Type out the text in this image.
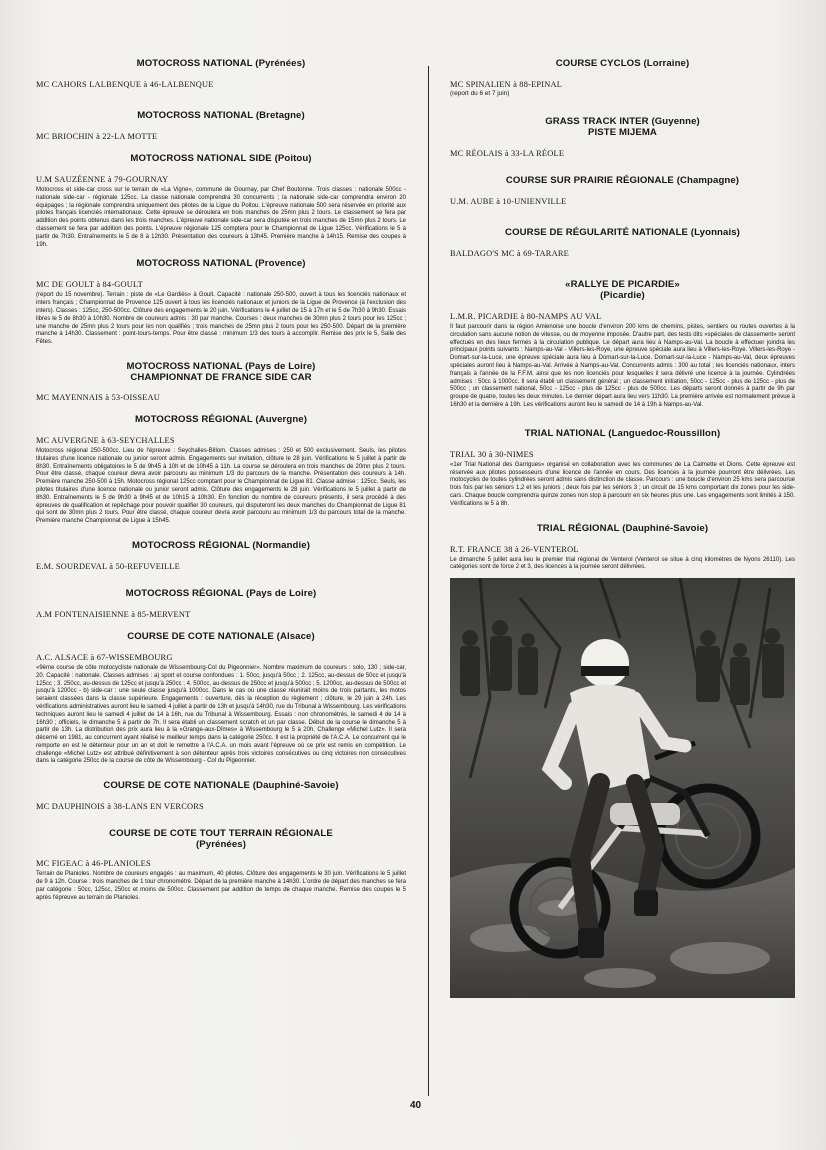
MOTOCROSS NATIONAL (Pyrénées)
MC CAHORS LALBENQUE à 46-LALBENQUE
MOTOCROSS NATIONAL (Bretagne)
MC BRIOCHIN à 22-LA MOTTE
MOTOCROSS NATIONAL SIDE (Poitou)
U.M SAUZÉENNE à 79-GOURNAY

Motocross et side-car cross sur le terrain de «La Vigne», commune de Gournay, par Chef Boutonne. Trois classes : nationale 500cc - nationale side-car - régionale 125cc. La classe nationale comprendra 30 concurrents ; la nationale side-car comprendra environ 20 équipages ; la régionale comprendra uniquement des pilotes de la Ligue du Poitou. L'épreuve nationale 500 sera réservée en priorité aux pilotes français licenciés internationaux. Cette épreuve se déroulera en trois manches de 25mn plus 2 tours. Le classement se fera par addition des points obtenus dans les trois manches. L'épreuve nationale side-car sera disputée en trois manches de 15mn plus 2 tours. Le classement se fera par addition des points. L'épreuve régionale 125 comptera pour le Championnat de Ligue 125cc. Vérifications le 5 à partir de 7h30. Entraînements le 5 de 8 à 12h30. Présentation des coureurs à 13h45. Première manche à 14h15. Remise des coupes à 19h.

MOTOCROSS NATIONAL (Provence)
MC DE GOULT à 84-GOULT

(report du 15 novembre). Terrain : piste de «Le Gardiès» à Goult. Capacité : nationale 250-500, ouvert à tous les licenciés nationaux et inters français ; Championnat de Provence 125 ouvert à tous les licenciés nationaux et juniors de la Ligue de Provence (à l'exclusion des inters). Classes : 125cc, 250-500cc. Clôture des engagements le 20 juin. Vérifications le 4 juillet de 15 à 17h et le 5 de 7h30 à 9h30. Essais libres le 5 de 8h30 à 10h30. Nombre de coureurs admis : 30 par manche. Courses : deux manches de 30mn plus 2 tours pour les 125cc ; une manche de 25mn plus 2 tours pour les non qualifiés ; trois manches de 25mn plus 2 tours pour les 250-500. Départ de la première manche à 14h30. Classement : point-tours-temps. Pour être classé : minimum 1/3 des tours à accomplir. Remise des prix le 5, Salle des Fêtes.

MOTOCROSS NATIONAL (Pays de Loire)
CHAMPIONNAT DE FRANCE SIDE CAR
MC MAYENNAIS à 53-OISSEAU
MOTOCROSS RÉGIONAL (Auvergne)
MC AUVERGNE à 63-SEYCHALLES

Motocross régional 250-500cc. Lieu de l'épreuve : Seychalles-Billom. Classes admises : 250 et 500 exclusivement. Seuls, les pilotes titulaires d'une licence nationale ou junior seront admis. Engagements sur invitation, clôture le 28 juin. Vérifications le 5 juillet à partir de 8h30. Entraînements obligatoires le 5 de 9h45 à 10h et de 10h45 à 11h. La course se déroulera en trois manches de 20mn plus 2 tours. Pour être classé, chaque coureur devra avoir parcouru au minimum 1/3 du parcours de la manche. Présentation des coureurs à 14h. Première manche 250-500 à 15h. Motocross régional 125cc comptant pour le Championnat de Ligue 81. Classe admise : 125cc. Seuls, les pilotes titulaires d'une licence nationale ou junior seront admis. Clôture des engagements le 28 juin. Vérifications le 5 juillet à partir de 8h30. Entraînements le 5 de 9h30 à 9h45 et de 10h15 à 10h30. En fonction du nombre de coureurs présents, il sera procédé à des épreuves de qualification et repêchage pour pouvoir qualifier 30 coureurs, qui disputeront les deux manches du Championnat de Ligue 81 qui sont de 30mn plus 2 tours. Pour être classé, chaque coureur devra avoir parcouru au minimum 1/3 du parcours total de la manche. Première manche Championnat de Ligue à 15h45.

MOTOCROSS RÉGIONAL (Normandie)
E.M. SOURDEVAL à 50-REFUVEILLE
MOTOCROSS RÉGIONAL (Pays de Loire)
A.M FONTENAISIENNE à 85-MERVENT
COURSE DE COTE NATIONALE (Alsace)
A.C. ALSACE à 67-WISSEMBOURG

«9ème course de côte motocycliste nationale de Wissembourg-Col du Pigeonnier». Nombre maximum de coureurs : solo, 130 ; side-car, 20. Capacité : nationale. Classes admises : a) sport et course confondues : 1. 50cc, jusqu'à 50cc ; 2. 125cc, au-dessus de 50cc et jusqu'à 125cc ; 3. 250cc, au-dessus de 125cc et jusqu'à 250cc ; 4. 500cc, au-dessus de 250cc et jusqu'à 500cc ; 5. 1200cc, au-dessus de 500cc et jusqu'à 1200cc - b) side-car : une seule classe jusqu'à 1000cc. Dans le cas où une classe réunirait moins de trois partants, les motos seraient classées dans la classe supérieure. Engagements : ouverture, dès la réception du règlement ; clôture, le 29 juin à 24h. Les vérifications administratives auront lieu le samedi 4 juillet à partir de 13h et jusqu'à 14h30, rue du Tribunal à Wissembourg. Les vérifications techniques auront lieu le samedi 4 juillet de 14 à 16h, rue du Tribunal à Wissembourg. Essais : non chronométrés, le samedi 4 de 14 à 16h30 ; officiels, le dimanche 5 à partir de 7h. Il sera établi un classement scratch et un par classe. Début de la course le dimanche 5 à partir de 13h. La distribution des prix aura lieu à la «Grange-aux-Dîmes» à Wissembourg le 5 à 20h. Challenge «Michel Lutz». Il sera décerné en 1981, au concurrent ayant réalisé le meilleur temps dans la catégorie 250cc. Il est la propriété de l'A.C.A. Le concurrent qui le remporte en est le détenteur pour un an et doit le remettre à l'A.C.A. un mois avant l'épreuve où ce prix est remis en compétition. Le challenge «Michel Lutz» est attribué définitivement à son détenteur après trois victoires consécutives ou cinq victoires non consécutives dans la catégorie 250cc de la course de côte de Wissembourg - Col du Pigeonnier.

COURSE DE COTE NATIONALE (Dauphiné-Savoie)
MC DAUPHINOIS à 38-LANS EN VERCORS
COURSE DE COTE TOUT TERRAIN RÉGIONALE
(Pyrénées)
MC FIGEAC à 46-PLANIOLES

Terrain de Planioles. Nombre de coureurs engagés : au maximum, 40 pilotes. Clôture des engagements le 30 juin. Vérifications le 5 juillet de 9 à 12h. Course : trois manches de 1 tour chronométré. Départ de la première manche à 14h30. L'ordre de départ des manches se fera par catégorie : 50cc, 125cc, 250cc et moins de 500cc. Classement par addition de temps de chaque manche. Remise des coupes le 5 après l'épreuve au terrain de Planioles.

COURSE CYCLOS (Lorraine)
MC SPINALIEN à 88-EPINAL
(report du 6 et 7 juin)
GRASS TRACK INTER (Guyenne)
PISTE MIJEMA
MC RÉOLAIS à 33-LA RÉOLE
COURSE SUR PRAIRIE RÉGIONALE (Champagne)
U.M. AUBE à 10-UNIENVILLE
COURSE DE RÉGULARITÉ NATIONALE (Lyonnais)
BALDAGO'S MC à 69-TARARE
«RALLYE DE PICARDIE»
(Picardie)
L.M.R. PICARDIE à 80-NAMPS AU VAL

Il faut parcourir dans la région Amienoise une boucle d'environ 200 kms de chemins, pistes, sentiers ou routes ouvertes à la circulation sans aucune notion de vitesse, ou de moyenne imposée. D'autre part, des tests dits «spéciales de classement» seront effectués en des lieux fermés à la circulation publique. Le départ aura lieu à Namps-au-Val. La boucle à effectuer joindra les principaux points suivants : Namps-au-Val - Villers-les-Roye, une épreuve spéciale aura lieu à Villers-les-Roye. Villers-les-Roye - Domart-sur-la-Luce, une épreuve spéciale aura lieu à Domart-sur-la-Luce. Domart-sur-la-Luce - Namps-au-Val, deux épreuves spéciales auront lieu à Namps-au-Val. Arrivée à Namps-au-Val. Concurrents admis : 300 au total ; les licenciés nationaux, inters français à l'année de la F.F.M. ainsi que les non licenciés pour lesquelles il sera délivré une licence à la journée. Cylindrées admises : 50cc à 1000cc. Il sera établi un classement général ; un classement initiation, 50cc - 125cc - plus de 125cc - plus de 500cc ; un classement national, 50cc - 125cc - plus de 125cc - plus de 500cc. Les départs seront donnés à partir de 9h par groupe de quatre, toutes les deux minutes. Le dernier départ aura lieu vers 11h30. La première arrivée est normalement prévue à 16h30 et la dernière à 19h. Les vérifications auront lieu le samedi de 14 à 19h à Namps-au-Val.

TRIAL NATIONAL (Languedoc-Roussillon)
TRIAL 30 à 30-NIMES

«1er Trial National des Garrigues» organisé en collaboration avec les communes de La Calmette et Dions. Cette épreuve est réservée aux pilotes possesseurs d'une licence de l'année en cours. Des licences à la journée pourront être délivrées. Les motocycles de toutes cylindrées seront admis sans distinction de classe. Parcours : une boucle d'environ 25 kms sera parcourue trois fois par les séniors 1,2 et les juniors ; deux fois par les séniors 3 ; un circuit de 15 kms comportant dix zones pour les side-cars. Chaque boucle comprendra quinze zones non stop à parcourir en six heures plus une. Les engagements sont limités à 150. Vérifications le 5 à 8h.

TRIAL RÉGIONAL (Dauphiné-Savoie)
R.T. FRANCE 38 à 26-VENTEROL

Le dimanche 5 juillet aura lieu le premier trial régional de Venterol (Venterol se situe à cinq kilomètres de Nyons 26110). Les catégories sont de force 2 et 3, des licences à la journée seront délivrées.

40
